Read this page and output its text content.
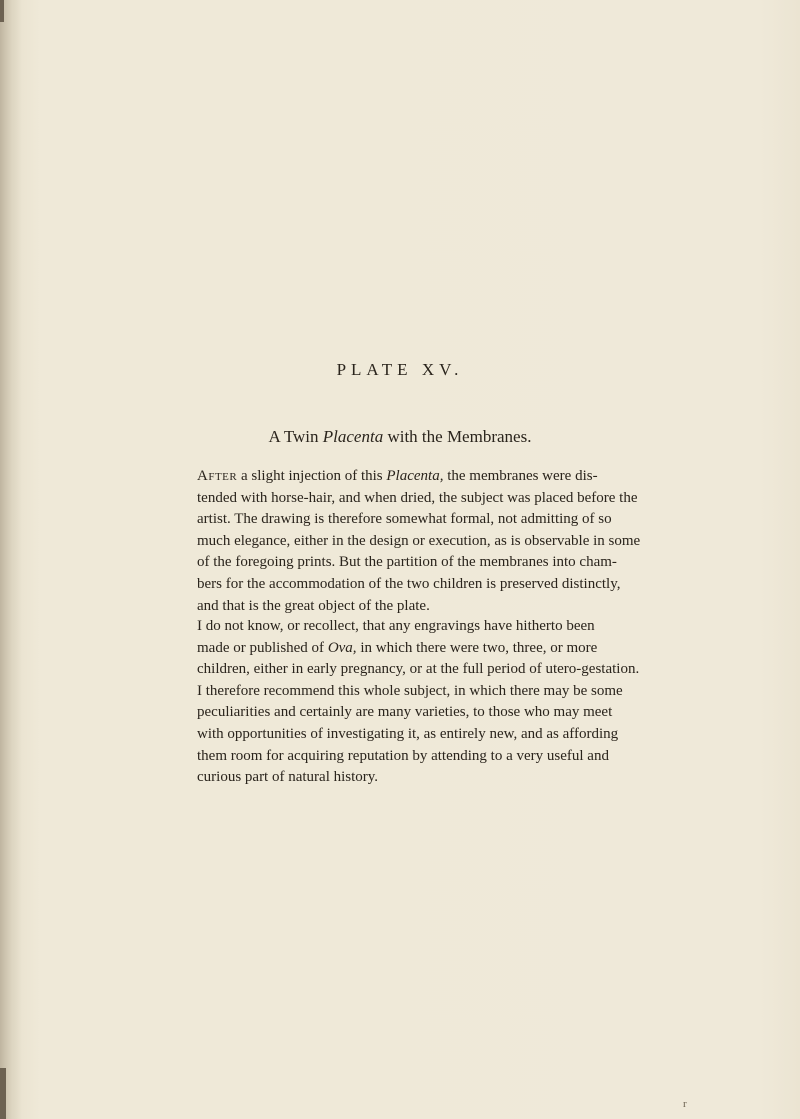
PLATE XV.
A Twin Placenta with the Membranes.

After a slight injection of this Placenta, the membranes were dis-
tended with horse-hair, and when dried, the subject was placed before the
artist. The drawing is therefore somewhat formal, not admitting of so
much elegance, either in the design or execution, as is observable in some
of the foregoing prints. But the partition of the membranes into cham-
bers for the accommodation of the two children is preserved distinctly,
and that is the great object of the plate.

I do not know, or recollect, that any engravings have hitherto been
made or published of Ova, in which there were two, three, or more
children, either in early pregnancy, or at the full period of utero-gestation.
I therefore recommend this whole subject, in which there may be some
peculiarities and certainly are many varieties, to those who may meet
with opportunities of investigating it, as entirely new, and as affording
them room for acquiring reputation by attending to a very useful and
curious part of natural history.

r
